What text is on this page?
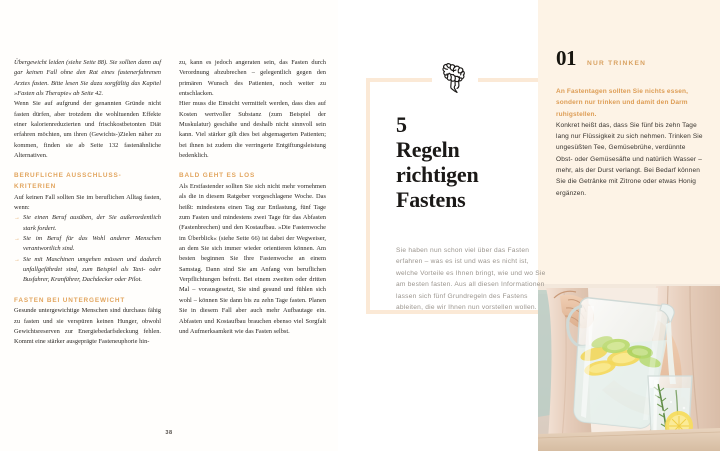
Übergewicht leiden (siehe Seite 88). Sie sollten dann auf gar keinen Fall ohne den Rat eines fastenerfahrenen Arztes fasten. Bitte lesen Sie dazu sorgfältig das Kapitel »Fasten als Therapie« ab Seite 42.

Wenn Sie auf aufgrund der genannten Gründe nicht fasten dürfen, aber trotzdem die wohltuenden Effekte einer kalorienreduzierten und frischkostbetonten Diät erfahren möchten, um ihren (Gewichts-)Zielen näher zu kommen, finden sie ab Seite 132 fastenähnliche Alternativen.

BERUFLICHE AUSSCHLUSS-KRITERIEN

Auf keinen Fall sollten Sie im beruflichen Alltag fasten, wenn:

→ Sie einen Beruf ausüben, der Sie außerordentlich stark fordert.
→ Sie im Beruf für das Wohl anderer Menschen verantwortlich sind.
→ Sie mit Maschinen umgehen müssen und dadurch unfallgefährdet sind, zum Beispiel als Taxi- oder Busfahrer, Kranführer, Dachdecker oder Pilot.

FASTEN BEI UNTERGEWICHT

Gesunde untergewichtige Menschen sind durchaus fähig zu fasten und sie verspüren keinen Hunger, obwohl Gewichtsreserven zur Energiebedarfsdeckung fehlen. Kommt eine stärker ausgeprägte Fasteneuphorie hin-

zu, kann es jedoch angeraten sein, das Fasten durch Verordnung abzubrechen – gelegentlich gegen den primären Wunsch des Patienten, noch weiter zu entschlacken.

Hier muss die Einsicht vermittelt werden, dass dies auf Kosten wertvoller Substanz (zum Beispiel der Muskulatur) geschähe und deshalb nicht sinnvoll sein kann. Viel stärker gilt dies bei abgemagerten Patienten; bei ihnen ist zudem die verringerte Entgiftungsleistung bedenklich.

BALD GEHT ES LOS

Als Erstfastender sollten Sie sich nicht mehr vornehmen als die in diesem Ratgeber vorgeschlagene Woche. Das heißt: mindestens einen Tag zur Entlastung, fünf Tage zum Fasten und mindestens zwei Tage für das Abfasten (Fastenbrechen) und den Kostaufbau. »Die Fastenwoche im Überblick« (siehe Seite 66) ist dabei der Wegweiser, an dem Sie sich immer wieder orientieren können. Am besten beginnen Sie Ihre Fastenwoche an einem Samstag. Dann sind Sie am Anfang von beruflichen Verpflichtungen befreit. Bei einem zweiten oder dritten Mal – vorausgesetzt, Sie sind gesund und fühlen sich wohl – können Sie dann bis zu zehn Tage fasten. Planen Sie in diesem Fall aber auch mehr Aufbautage ein. Abfasten und Kostaufbau brauchen ebenso viel Sorgfalt und Aufmerksamkeit wie das Fasten selbst.

38
5
Regeln
richtigen
Fastens

Sie haben nun schon viel über das Fasten erfahren – was es ist und was es nicht ist, welche Vorteile es Ihnen bringt, wie und wo Sie am besten fasten. Aus all diesen Informationen lassen sich fünf Grundregeln des Fastens ableiten, die wir Ihnen nun vorstellen wollen.

01 NUR TRINKEN

An Fastentagen sollten Sie nichts essen, sondern nur trinken und damit den Darm ruhigstellen.

Konkret heißt das, dass Sie fünf bis zehn Tage lang nur Flüssigkeit zu sich nehmen. Trinken Sie ungesüßten Tee, Gemüsebrühe, verdünnte Obst- oder Gemüsesäfte und natürlich Wasser – mehr, als der Durst verlangt. Bei Bedarf können Sie die Getränke mit Zitrone oder etwas Honig ergänzen.
